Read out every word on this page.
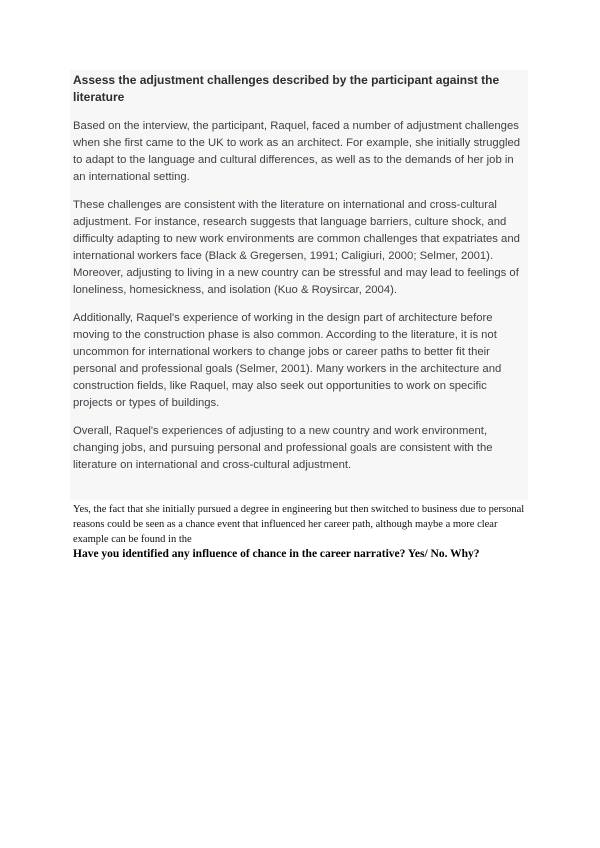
Assess the adjustment challenges described by the participant against the literature

Based on the interview, the participant, Raquel, faced a number of adjustment challenges when she first came to the UK to work as an architect. For example, she initially struggled to adapt to the language and cultural differences, as well as to the demands of her job in an international setting.

These challenges are consistent with the literature on international and cross-cultural adjustment. For instance, research suggests that language barriers, culture shock, and difficulty adapting to new work environments are common challenges that expatriates and international workers face (Black & Gregersen, 1991; Caligiuri, 2000; Selmer, 2001). Moreover, adjusting to living in a new country can be stressful and may lead to feelings of loneliness, homesickness, and isolation (Kuo & Roysircar, 2004).

Additionally, Raquel's experience of working in the design part of architecture before moving to the construction phase is also common. According to the literature, it is not uncommon for international workers to change jobs or career paths to better fit their personal and professional goals (Selmer, 2001). Many workers in the architecture and construction fields, like Raquel, may also seek out opportunities to work on specific projects or types of buildings.

Overall, Raquel's experiences of adjusting to a new country and work environment, changing jobs, and pursuing personal and professional goals are consistent with the literature on international and cross-cultural adjustment.

Yes, the fact that she initially pursued a degree in engineering but then switched to business due to personal reasons could be seen as a chance event that influenced her career path, although maybe a more clear example can be found in the
Have you identified any influence of chance in the career narrative? Yes/ No. Why?
